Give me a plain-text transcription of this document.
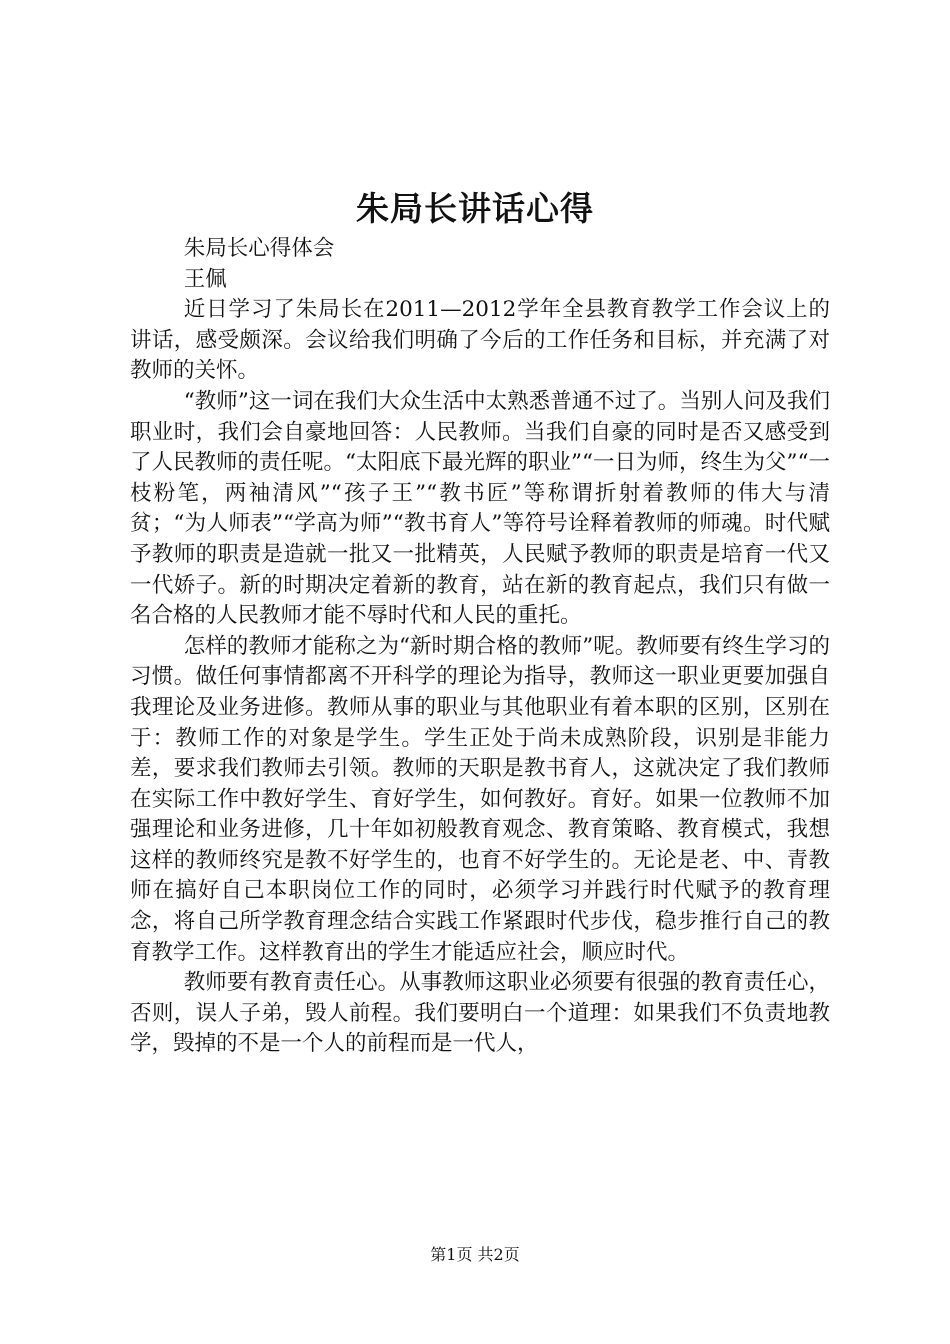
朱局长讲话心得

朱局长心得体会

王佩

近日学习了朱局长在2011—2012学年全县教育教学工作会议上的讲话，感受颇深。会议给我们明确了今后的工作任务和目标，并充满了对教师的关怀。

“教师”这一词在我们大众生活中太熟悉普通不过了。当别人问及我们职业时，我们会自豪地回答：人民教师。当我们自豪的同时是否又感受到了人民教师的责任呢。“太阳底下最光辉的职业”“一日为师，终生为父”“一枝粉笔，两袖清风”“孩子王”“教书匠”等称谓折射着教师的伟大与清贫；“为人师表”“学高为师”“教书育人”等符号诠释着教师的师魂。时代赋予教师的职责是造就一批又一批精英，人民赋予教师的职责是培育一代又一代娇子。新的时期决定着新的教育，站在新的教育起点，我们只有做一名合格的人民教师才能不辱时代和人民的重托。

怎样的教师才能称之为“新时期合格的教师”呢。教师要有终生学习的习惯。做任何事情都离不开科学的理论为指导，教师这一职业更要加强自我理论及业务进修。教师从事的职业与其他职业有着本职的区别，区别在于：教师工作的对象是学生。学生正处于尚未成熟阶段，识别是非能力差，要求我们教师去引领。教师的天职是教书育人，这就决定了我们教师在实际工作中教好学生、育好学生，如何教好。育好。如果一位教师不加强理论和业务进修，几十年如初般教育观念、教育策略、教育模式，我想这样的教师终究是教不好学生的，也育不好学生的。无论是老、中、青教师在搞好自己本职岗位工作的同时，必须学习并践行时代赋予的教育理念，将自己所学教育理念结合实践工作紧跟时代步伐，稳步推行自己的教育教学工作。这样教育出的学生才能适应社会，顺应时代。

教师要有教育责任心。从事教师这职业必须要有很强的教育责任心，否则，误人子弟，毁人前程。我们要明白一个道理：如果我们不负责地教学，毁掉的不是一个人的前程而是一代人，

第1页 共2页
